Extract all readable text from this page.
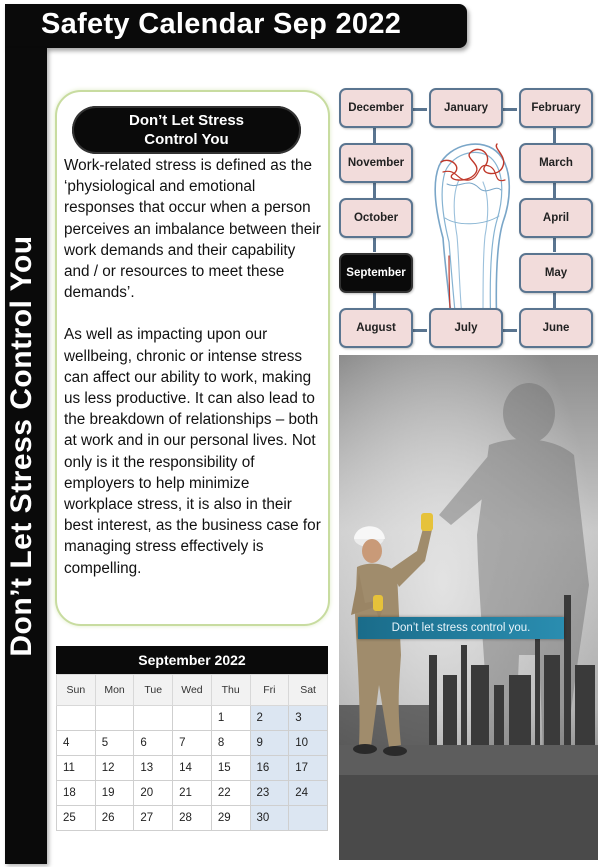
Safety Calendar Sep 2022
Don’t Let Stress Control You
Don’t Let Stress
Control You

Work-related stress is defined as the ‘physiological and emotional responses that occur when a person perceives an imbalance between their work demands and their capability and / or resources to meet these demands’.

As well as impacting upon our wellbeing, chronic or intense stress can affect our ability to work, making us less productive. It can also lead to the breakdown of relationships – both at work and in our personal lives. Not only is it the responsibility of employers to help minimize workplace stress, it is also in their best interest, as the business case for managing stress effectively is compelling.

September 2022
Sun	Mon	Tue	Wed	Thu	Fri	Sat
				1	2	3
4	5	6	7	8	9	10
11	12	13	14	15	16	17
18	19	20	21	22	23	24
25	26	27	28	29	30	
December	January	February
November	March
October	April
September	May
August	July	June
Don’t let stress control you.
